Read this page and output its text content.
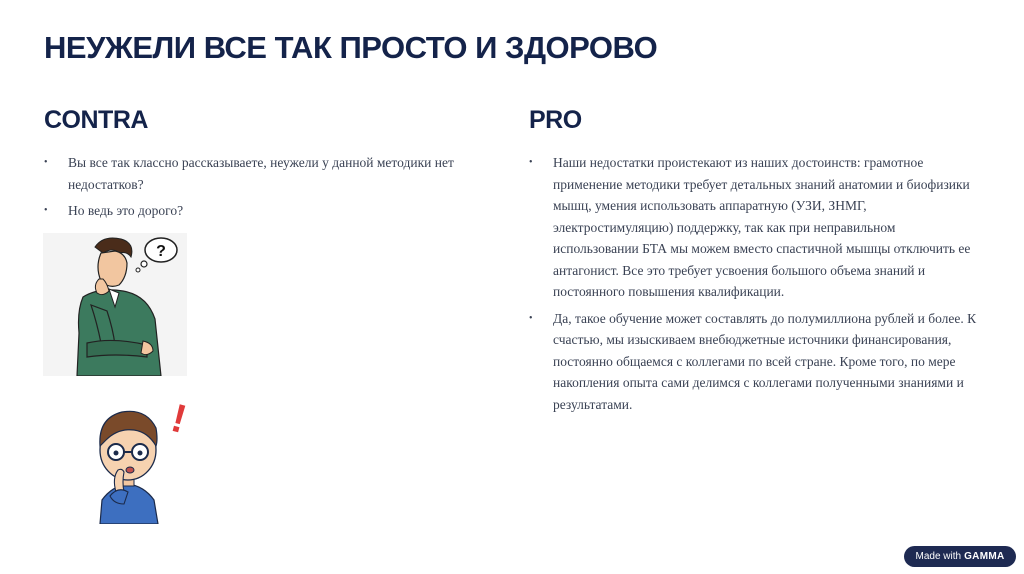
НЕУЖЕЛИ ВСЕ ТАК ПРОСТО И ЗДОРОВО
CONTRA
• Вы все так классно рассказываете, неужели у данной методики нет недостатков?
• Но ведь это дорого?
PRO
• Наши недостатки проистекают из наших достоинств: грамотное применение методики требует детальных знаний анатомии и биофизики мышц, умения использовать аппаратную (УЗИ, ЗНМГ, электростимуляцию) поддержку, так как при неправильном использовании БТА мы можем вместо спастичной мышцы отключить ее антагонист. Все это требует усвоения большого объема знаний и постоянного повышения квалификации.
• Да, такое обучение может составлять до полумиллиона рублей и более. К счастью, мы изыскиваем внебюджетные источники финансирования, постоянно общаемся с коллегами по всей стране. Кроме того, по мере накопления опыта сами делимся с коллегами полученными знаниями и результатами.
?
!
Made with GAMMA
